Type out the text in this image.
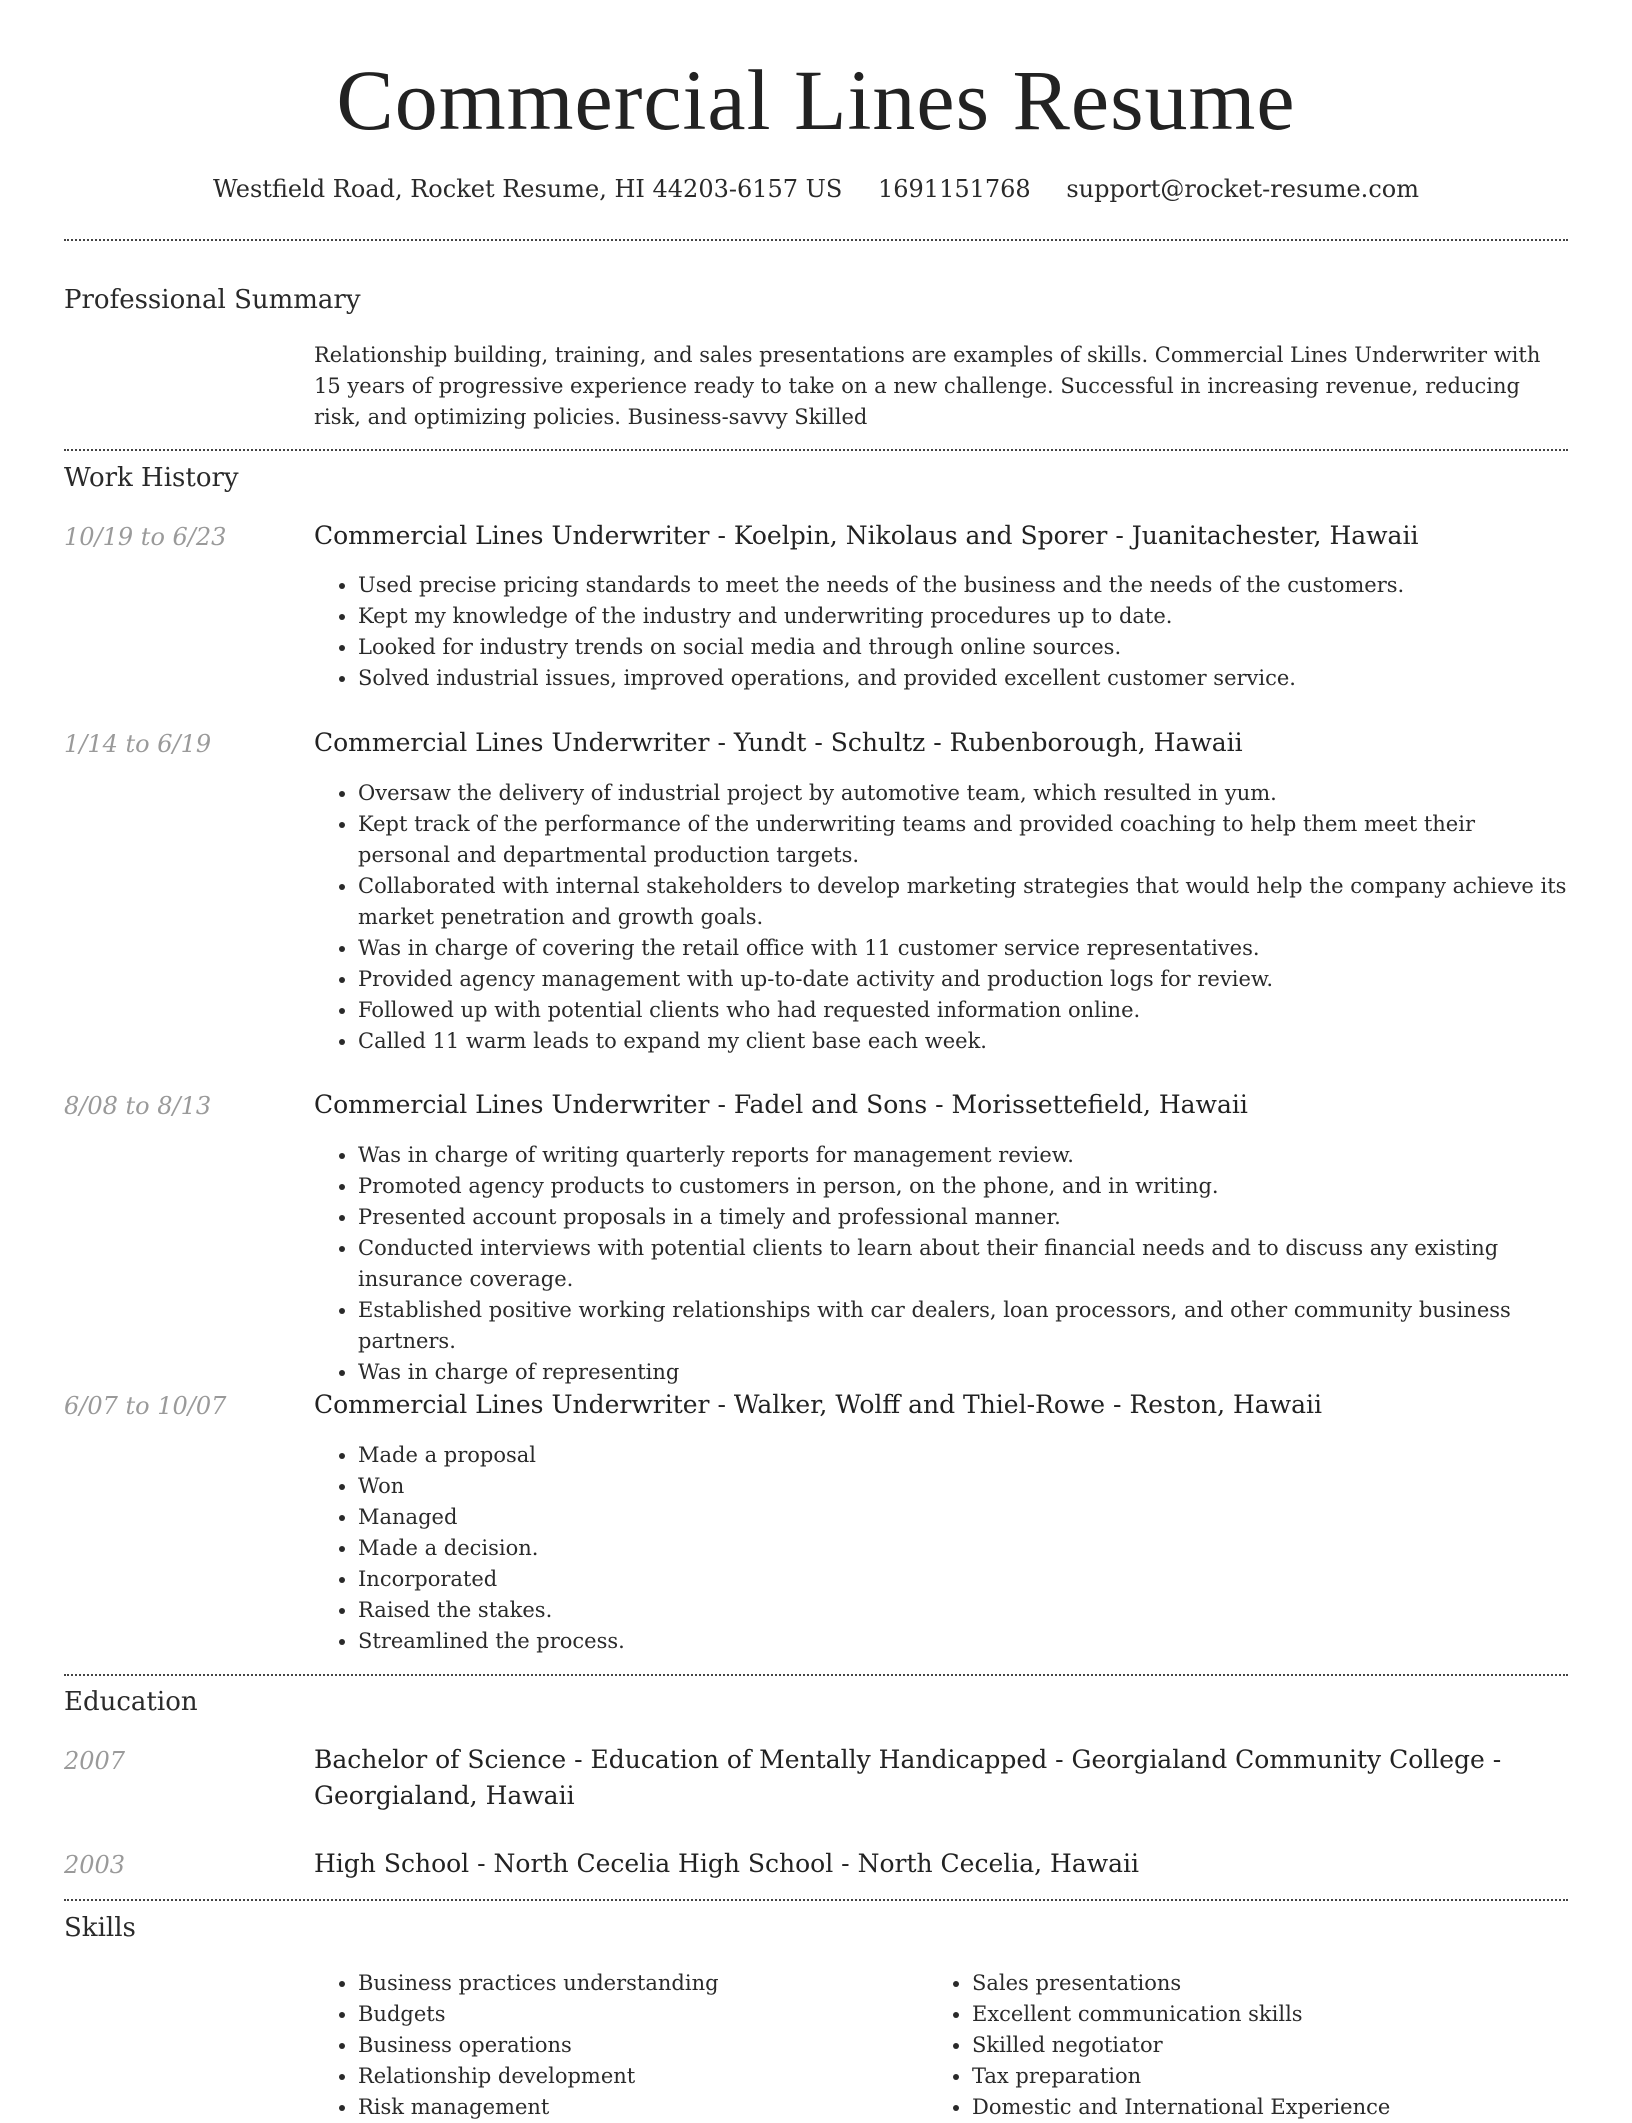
Commercial Lines Resume
Westfield Road, Rocket Resume, HI 44203-6157 US 1691151768 support@rocket-resume.com
Professional Summary
Relationship building, training, and sales presentations are examples of skills. Commercial Lines Underwriter with 15 years of progressive experience ready to take on a new challenge. Successful in increasing revenue, reducing risk, and optimizing policies. Business-savvy Skilled
Work History
10/19 to 6/23	Commercial Lines Underwriter - Koelpin, Nikolaus and Sporer - Juanitachester, Hawaii
• Used precise pricing standards to meet the needs of the business and the needs of the customers.
• Kept my knowledge of the industry and underwriting procedures up to date.
• Looked for industry trends on social media and through online sources.
• Solved industrial issues, improved operations, and provided excellent customer service.
1/14 to 6/19	Commercial Lines Underwriter - Yundt - Schultz - Rubenborough, Hawaii
• Oversaw the delivery of industrial project by automotive team, which resulted in yum.
• Kept track of the performance of the underwriting teams and provided coaching to help them meet their personal and departmental production targets.
• Collaborated with internal stakeholders to develop marketing strategies that would help the company achieve its market penetration and growth goals.
• Was in charge of covering the retail office with 11 customer service representatives.
• Provided agency management with up-to-date activity and production logs for review.
• Followed up with potential clients who had requested information online.
• Called 11 warm leads to expand my client base each week.
8/08 to 8/13	Commercial Lines Underwriter - Fadel and Sons - Morissettefield, Hawaii
• Was in charge of writing quarterly reports for management review.
• Promoted agency products to customers in person, on the phone, and in writing.
• Presented account proposals in a timely and professional manner.
• Conducted interviews with potential clients to learn about their financial needs and to discuss any existing insurance coverage.
• Established positive working relationships with car dealers, loan processors, and other community business partners.
• Was in charge of representing
6/07 to 10/07	Commercial Lines Underwriter - Walker, Wolff and Thiel-Rowe - Reston, Hawaii
• Made a proposal
• Won
• Managed
• Made a decision.
• Incorporated
• Raised the stakes.
• Streamlined the process.
Education
2007	Bachelor of Science - Education of Mentally Handicapped - Georgialand Community College - Georgialand, Hawaii
2003	High School - North Cecelia High School - North Cecelia, Hawaii
Skills
• Business practices understanding
• Budgets
• Business operations
• Relationship development
• Risk management
• Sales presentations
• Excellent communication skills
• Skilled negotiator
• Tax preparation
• Domestic and International Experience
